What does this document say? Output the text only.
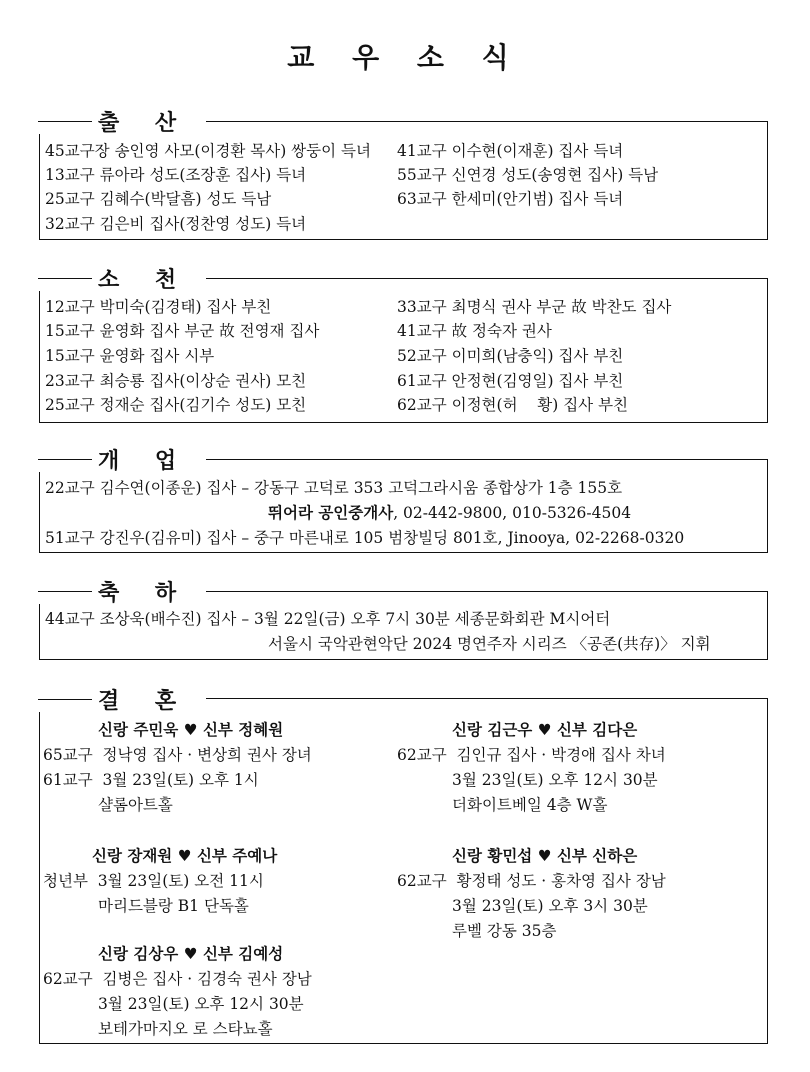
교 우 소 식
출 산
45교구장 송인영 사모(이경환 목사) 쌍둥이 득녀
13교구 류아라 성도(조장훈 집사) 득녀
25교구 김혜수(박달흠) 성도 득남
32교구 김은비 집사(정찬영 성도) 득녀
41교구 이수현(이재훈) 집사 득녀
55교구 신연경 성도(송영현 집사) 득남
63교구 한세미(안기범) 집사 득녀
소 천
12교구 박미숙(김경태) 집사 부친
15교구 윤영화 집사 부군 故 전영재 집사
15교구 윤영화 집사 시부
23교구 최승룡 집사(이상순 권사) 모친
25교구 정재순 집사(김기수 성도) 모친
33교구 최명식 권사 부군 故 박찬도 집사
41교구 故 정숙자 권사
52교구 이미희(남충익) 집사 부친
61교구 안정현(김영일) 집사 부친
62교구 이정현(허    황) 집사 부친
개 업
22교구 김수연(이종운) 집사 – 강동구 고덕로 353 고덕그라시움 종합상가 1층 155호
뛰어라 공인중개사, 02-442-9800, 010-5326-4504
51교구 강진우(김유미) 집사 – 중구 마른내로 105 범창빌딩 801호, Jinooya, 02-2268-0320
축 하
44교구 조상욱(배수진) 집사 – 3월 22일(금) 오후 7시 30분 세종문화회관 M시어터
서울시 국악관현악단 2024 명연주자 시리즈 〈공존(共存)〉 지휘
결 혼
신랑 주민욱 ♥ 신부 정혜원
65교구  정낙영 집사 · 변상희 권사 장녀
61교구  3월 23일(토) 오후 1시
샬롬아트홀
신랑 김근우 ♥ 신부 김다은
62교구  김인규 집사 · 박경애 집사 차녀
3월 23일(토) 오후 12시 30분
더화이트베일 4층 W홀
신랑 장재원 ♥ 신부 주예나
청년부  3월 23일(토) 오전 11시
마리드블랑 B1 단독홀
신랑 황민섭 ♥ 신부 신하은
62교구  황정태 성도 · 홍차영 집사 장남
3월 23일(토) 오후 3시 30분
루벨 강동 35층
신랑 김상우 ♥ 신부 김예성
62교구  김병은 집사 · 김경숙 권사 장남
3월 23일(토) 오후 12시 30분
보테가마지오 로 스타뇨홀
